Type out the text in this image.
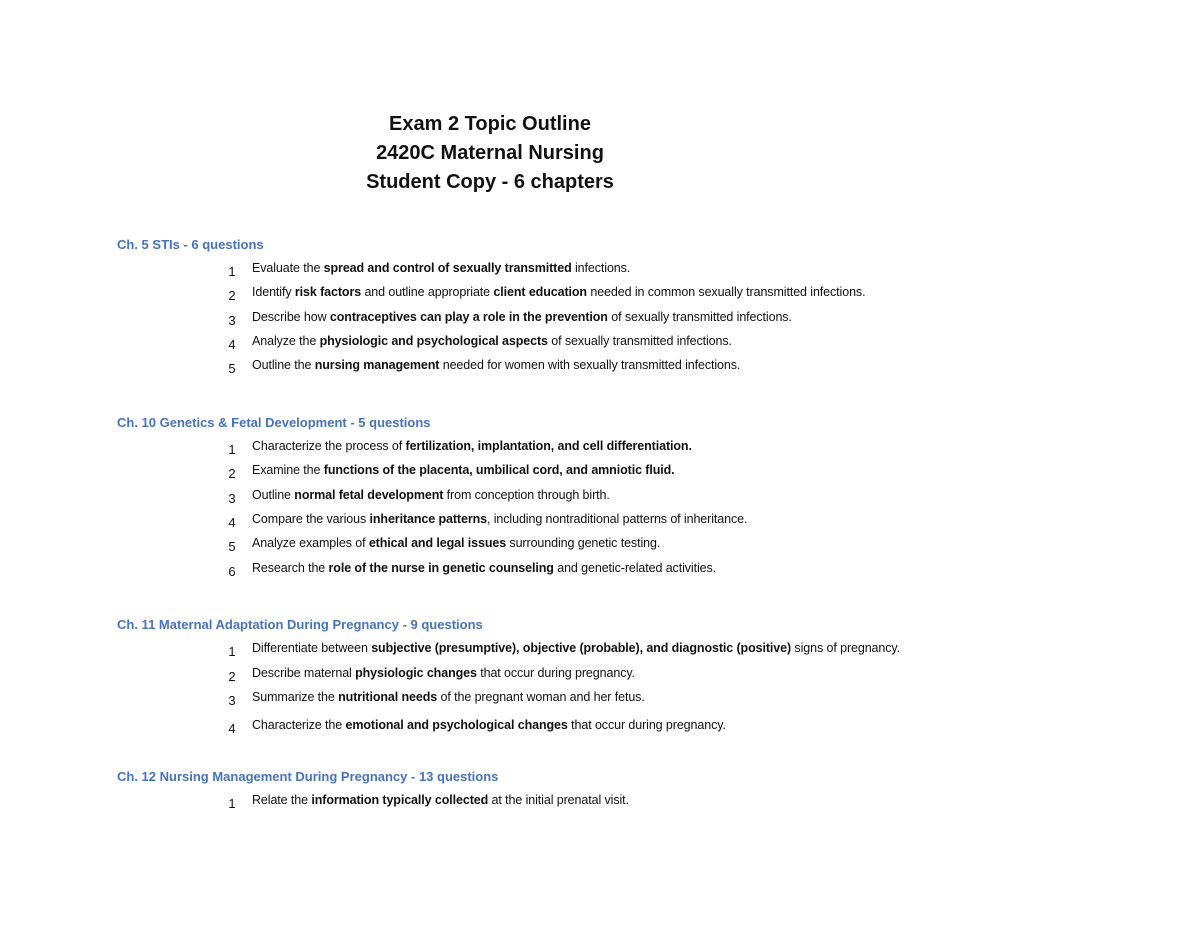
Exam 2 Topic Outline
2420C Maternal Nursing
Student Copy - 6 chapters
Ch. 5 STIs - 6 questions
1	Evaluate the spread and control of sexually transmitted infections.
2	Identify risk factors and outline appropriate client education needed in common sexually transmitted infections.
3	Describe how contraceptives can play a role in the prevention of sexually transmitted infections.
4	Analyze the physiologic and psychological aspects of sexually transmitted infections.
5	Outline the nursing management needed for women with sexually transmitted infections.
Ch. 10 Genetics & Fetal Development - 5 questions
1	Characterize the process of fertilization, implantation, and cell differentiation.
2	Examine the functions of the placenta, umbilical cord, and amniotic fluid.
3	Outline normal fetal development from conception through birth.
4	Compare the various inheritance patterns, including nontraditional patterns of inheritance.
5	Analyze examples of ethical and legal issues surrounding genetic testing.
6	Research the role of the nurse in genetic counseling and genetic-related activities.
Ch. 11 Maternal Adaptation During Pregnancy - 9 questions
1	Differentiate between subjective (presumptive), objective (probable), and diagnostic (positive) signs of pregnancy.
2	Describe maternal physiologic changes that occur during pregnancy.
3	Summarize the nutritional needs of the pregnant woman and her fetus.
4	Characterize the emotional and psychological changes that occur during pregnancy.
Ch. 12 Nursing Management During Pregnancy - 13 questions
1	Relate the information typically collected at the initial prenatal visit.
